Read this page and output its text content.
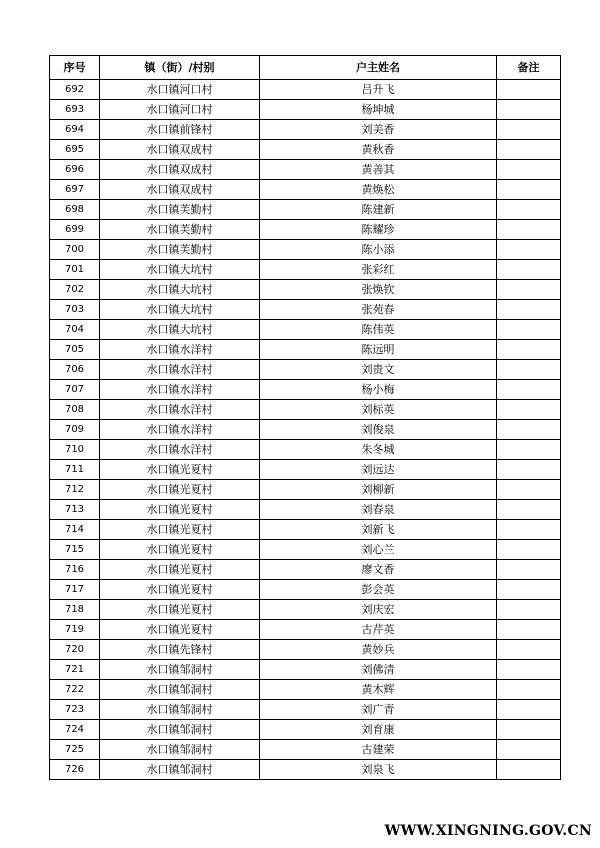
序号	镇（街）/村别	户主姓名	备注
692	水口镇河口村	吕升飞	
693	水口镇河口村	杨坤城	
694	水口镇前锋村	刘美香	
695	水口镇双成村	黄秋香	
696	水口镇双成村	黄善其	
697	水口镇双成村	黄焕松	
698	水口镇芙勤村	陈建新	
699	水口镇芙勤村	陈耀珍	
700	水口镇芙勤村	陈小添	
701	水口镇大坑村	张彩红	
702	水口镇大坑村	张焕钦	
703	水口镇大坑村	张苑春	
704	水口镇大坑村	陈伟英	
705	水口镇水洋村	陈远明	
706	水口镇水洋村	刘贵文	
707	水口镇水洋村	杨小梅	
708	水口镇水洋村	刘标英	
709	水口镇水洋村	刘俊泉	
710	水口镇水洋村	朱冬城	
711	水口镇光夏村	刘远达	
712	水口镇光夏村	刘柳新	
713	水口镇光夏村	刘春泉	
714	水口镇光夏村	刘新飞	
715	水口镇光夏村	刘心兰	
716	水口镇光夏村	廖文香	
717	水口镇光夏村	彭会英	
718	水口镇光夏村	刘庆宏	
719	水口镇光夏村	古芹英	
720	水口镇先锋村	黄妙兵	
721	水口镇邹洞村	刘佛清	
722	水口镇邹洞村	黄木辉	
723	水口镇邹洞村	刘广青	
724	水口镇邹洞村	刘育康	
725	水口镇邹洞村	古建荣	
726	水口镇邹洞村	刘泉飞	
WWW.XINGNING.GOV.CN
